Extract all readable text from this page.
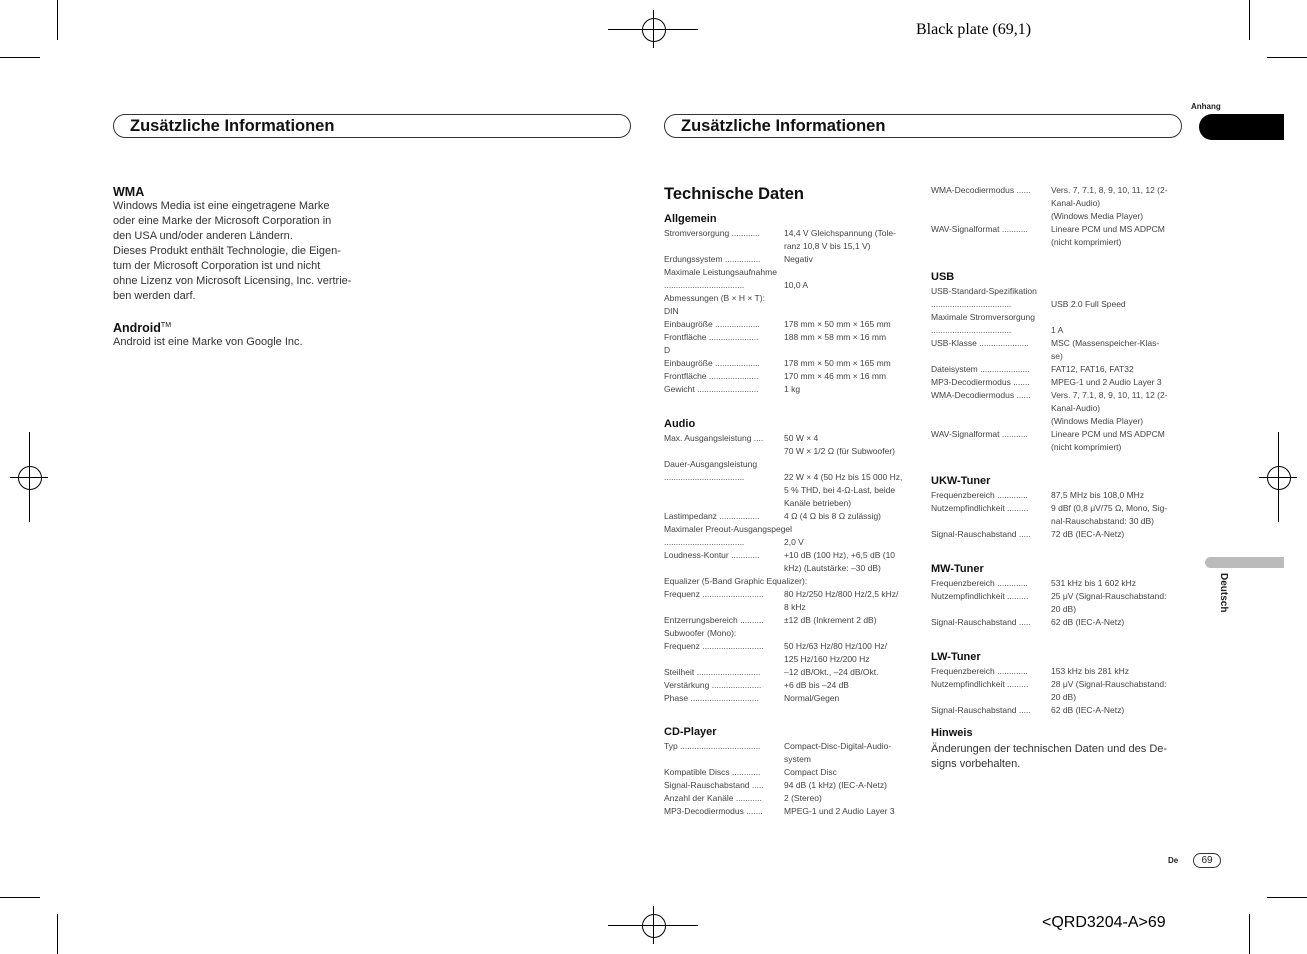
Black plate (69,1)
<QRD3204-A>69
Zusätzliche Informationen	Zusätzliche Informationen
Anhang
Deutsch
De	69
WMA
Windows Media ist eine eingetragene Marke
oder eine Marke der Microsoft Corporation in
den USA und/oder anderen Ländern.
Dieses Produkt enthält Technologie, die Eigen-
tum der Microsoft Corporation ist und nicht
ohne Lizenz von Microsoft Licensing, Inc. vertrie-
ben werden darf.
Android™
Android ist eine Marke von Google Inc.
Technische Daten
Allgemein
Stromversorgung ............	14,4 V Gleichspannung (Tole-
ranz 10,8 V bis 15,1 V)
Erdungssystem ...............	Negativ
Maximale Leistungsaufnahme
..................................	10,0 A
Abmessungen (B × H × T):
DIN
Einbaugröße ...................	178 mm × 50 mm × 165 mm
Frontfläche .....................	188 mm × 58 mm × 16 mm
D
Einbaugröße ...................	178 mm × 50 mm × 165 mm
Frontfläche .....................	170 mm × 46 mm × 16 mm
Gewicht ..........................	1 kg
Audio
Max. Ausgangsleistung ....	50 W × 4
70 W × 1/2 Ω (für Subwoofer)
Dauer-Ausgangsleistung
..................................	22 W × 4 (50 Hz bis 15 000 Hz,
5 % THD, bei 4-Ω-Last, beide
Kanäle betrieben)
Lastimpedanz .................	4 Ω (4 Ω bis 8 Ω zulässig)
Maximaler Preout-Ausgangspegel
..................................	2,0 V
Loudness-Kontur ............	+10 dB (100 Hz), +6,5 dB (10
kHz) (Lautstärke: –30 dB)
Equalizer (5-Band Graphic Equalizer):
Frequenz ..........................	80 Hz/250 Hz/800 Hz/2,5 kHz/
8 kHz
Entzerrungsbereich ..........	±12 dB (Inkrement 2 dB)
Subwoofer (Mono):
Frequenz ..........................	50 Hz/63 Hz/80 Hz/100 Hz/
125 Hz/160 Hz/200 Hz
Steilheit ...........................	–12 dB/Okt., –24 dB/Okt.
Verstärkung .....................	+6 dB bis –24 dB
Phase .............................	Normal/Gegen
CD-Player
Typ ..................................	Compact-Disc-Digital-Audio-
system
Kompatible Discs ............	Compact Disc
Signal-Rauschabstand .....	94 dB (1 kHz) (IEC-A-Netz)
Anzahl der Kanäle ...........	2 (Stereo)
MP3-Decodiermodus .......	MPEG-1 und 2 Audio Layer 3
WMA-Decodiermodus ......	Vers. 7, 7.1, 8, 9, 10, 11, 12 (2-
Kanal-Audio)
(Windows Media Player)
WAV-Signalformat ...........	Lineare PCM und MS ADPCM
(nicht komprimiert)
USB
USB-Standard-Spezifikation
..................................	USB 2.0 Full Speed
Maximale Stromversorgung
..................................	1 A
USB-Klasse .....................	MSC (Massenspeicher-Klas-
se)
Dateisystem .....................	FAT12, FAT16, FAT32
MP3-Decodiermodus .......	MPEG-1 und 2 Audio Layer 3
WMA-Decodiermodus ......	Vers. 7, 7.1, 8, 9, 10, 11, 12 (2-
Kanal-Audio)
(Windows Media Player)
WAV-Signalformat ...........	Lineare PCM und MS ADPCM
(nicht komprimiert)
UKW-Tuner
Frequenzbereich .............	87,5 MHz bis 108,0 MHz
Nutzempfindlichkeit .........	9 dBf (0,8 μV/75 Ω, Mono, Sig-
nal-Rauschabstand: 30 dB)
Signal-Rauschabstand .....	72 dB (IEC-A-Netz)
MW-Tuner
Frequenzbereich .............	531 kHz bis 1 602 kHz
Nutzempfindlichkeit .........	25 μV (Signal-Rauschabstand:
20 dB)
Signal-Rauschabstand .....	62 dB (IEC-A-Netz)
LW-Tuner
Frequenzbereich .............	153 kHz bis 281 kHz
Nutzempfindlichkeit .........	28 μV (Signal-Rauschabstand:
20 dB)
Signal-Rauschabstand .....	62 dB (IEC-A-Netz)
Hinweis
Änderungen der technischen Daten und des De-
signs vorbehalten.
